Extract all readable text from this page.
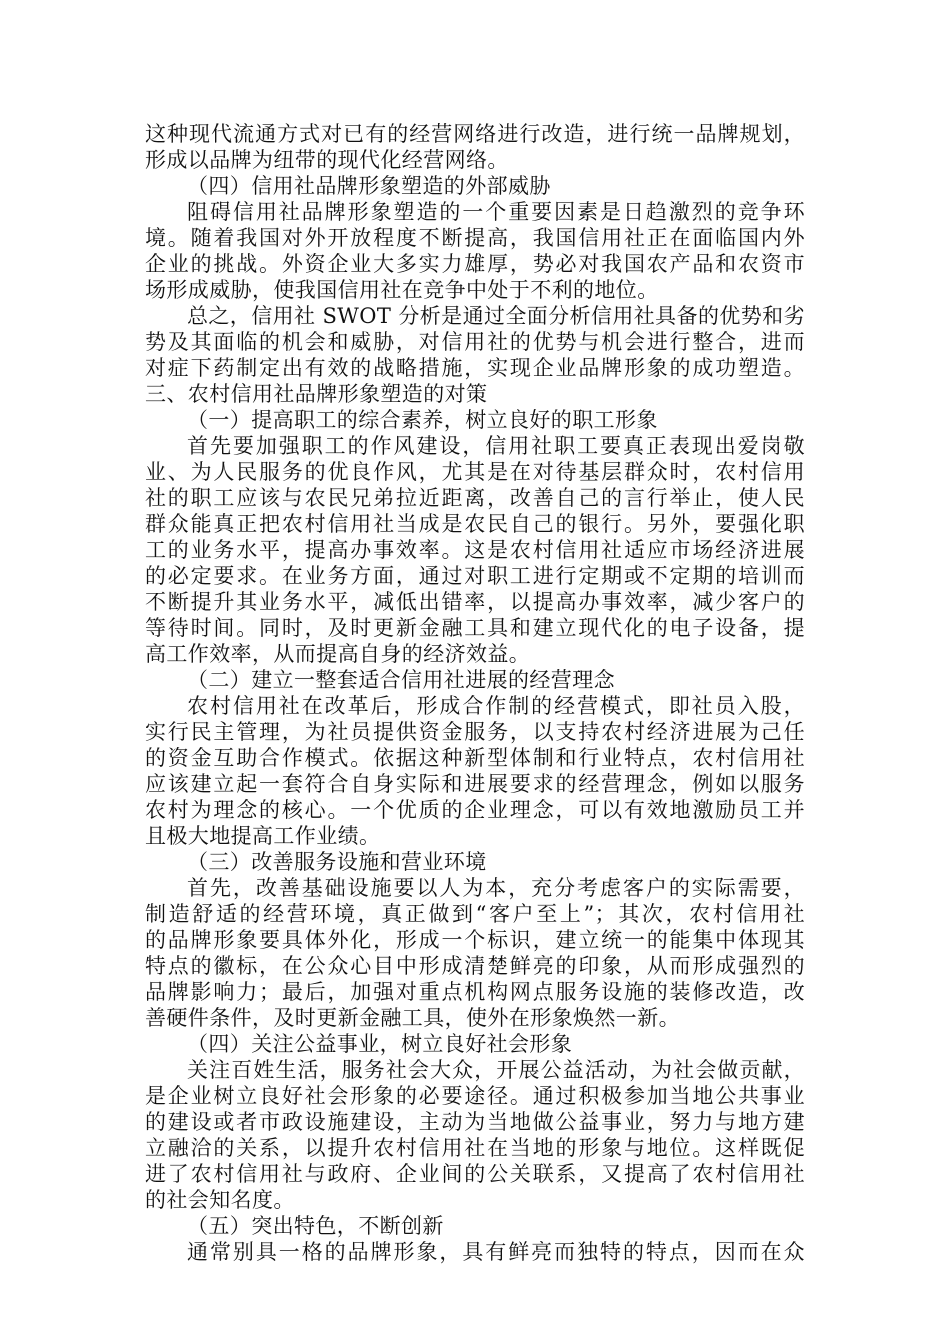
这种现代流通方式对已有的经营网络进行改造，进行统一品牌规划，
形成以品牌为纽带的现代化经营网络。
（四）信用社品牌形象塑造的外部威胁
阻碍信用社品牌形象塑造的一个重要因素是日趋激烈的竞争环
境。随着我国对外开放程度不断提高，我国信用社正在面临国内外
企业的挑战。外资企业大多实力雄厚，势必对我国农产品和农资市
场形成威胁，使我国信用社在竞争中处于不利的地位。
总之，信用社 SWOT 分析是通过全面分析信用社具备的优势和劣
势及其面临的机会和威胁，对信用社的优势与机会进行整合，进而
对症下药制定出有效的战略措施，实现企业品牌形象的成功塑造。
三、农村信用社品牌形象塑造的对策
（一）提高职工的综合素养，树立良好的职工形象
首先要加强职工的作风建设，信用社职工要真正表现出爱岗敬
业、为人民服务的优良作风，尤其是在对待基层群众时，农村信用
社的职工应该与农民兄弟拉近距离，改善自己的言行举止，使人民
群众能真正把农村信用社当成是农民自己的银行。另外，要强化职
工的业务水平，提高办事效率。这是农村信用社适应市场经济进展
的必定要求。在业务方面，通过对职工进行定期或不定期的培训而
不断提升其业务水平，减低出错率，以提高办事效率，减少客户的
等待时间。同时，及时更新金融工具和建立现代化的电子设备，提
高工作效率，从而提高自身的经济效益。
（二）建立一整套适合信用社进展的经营理念
农村信用社在改革后，形成合作制的经营模式，即社员入股，
实行民主管理，为社员提供资金服务，以支持农村经济进展为己任
的资金互助合作模式。依据这种新型体制和行业特点，农村信用社
应该建立起一套符合自身实际和进展要求的经营理念，例如以服务
农村为理念的核心。一个优质的企业理念，可以有效地激励员工并
且极大地提高工作业绩。
（三）改善服务设施和营业环境
首先，改善基础设施要以人为本，充分考虑客户的实际需要，
制造舒适的经营环境，真正做到“客户至上”；其次，农村信用社
的品牌形象要具体外化，形成一个标识，建立统一的能集中体现其
特点的徽标，在公众心目中形成清楚鲜亮的印象，从而形成强烈的
品牌影响力；最后，加强对重点机构网点服务设施的装修改造，改
善硬件条件，及时更新金融工具，使外在形象焕然一新。
（四）关注公益事业，树立良好社会形象
关注百姓生活，服务社会大众，开展公益活动，为社会做贡献，
是企业树立良好社会形象的必要途径。通过积极参加当地公共事业
的建设或者市政设施建设，主动为当地做公益事业，努力与地方建
立融洽的关系，以提升农村信用社在当地的形象与地位。这样既促
进了农村信用社与政府、企业间的公关联系，又提高了农村信用社
的社会知名度。
（五）突出特色，不断创新
通常别具一格的品牌形象，具有鲜亮而独特的特点，因而在众
